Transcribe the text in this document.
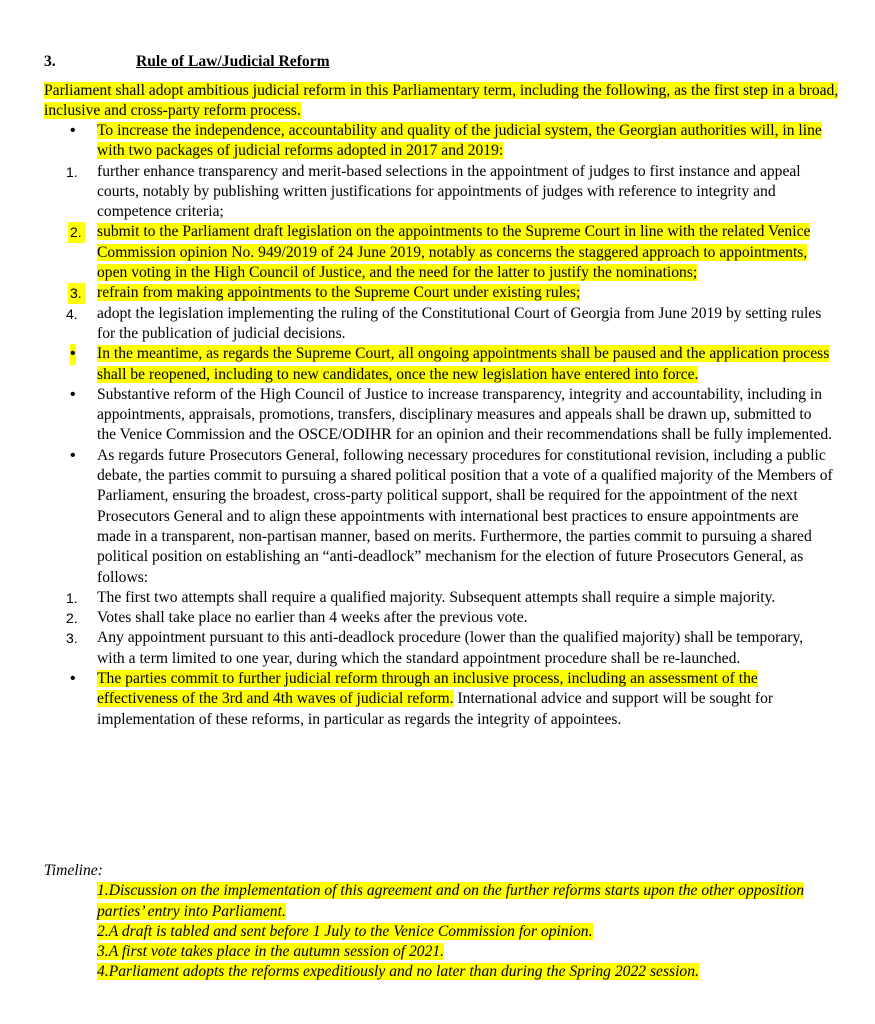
3.	Rule of Law/Judicial Reform
Parliament shall adopt ambitious judicial reform in this Parliamentary term, including the following, as the first step in a broad, inclusive and cross-party reform process.
•
To increase the independence, accountability and quality of the judicial system, the Georgian authorities will, in line with two packages of judicial reforms adopted in 2017 and 2019:
1. further enhance transparency and merit-based selections in the appointment of judges to first instance and appeal courts, notably by publishing written justifications for appointments of judges with reference to integrity and competence criteria;
2. submit to the Parliament draft legislation on the appointments to the Supreme Court in line with the related Venice Commission opinion No. 949/2019 of 24 June 2019, notably as concerns the staggered approach to appointments, open voting in the High Council of Justice, and the need for the latter to justify the nominations;
3. refrain from making appointments to the Supreme Court under existing rules;
4. adopt the legislation implementing the ruling of the Constitutional Court of Georgia from June 2019 by setting rules for the publication of judicial decisions.
•
In the meantime, as regards the Supreme Court, all ongoing appointments shall be paused and the application process shall be reopened, including to new candidates, once the new legislation have entered into force.
•
Substantive reform of the High Council of Justice to increase transparency, integrity and accountability, including in appointments, appraisals, promotions, transfers, disciplinary measures and appeals shall be drawn up, submitted to the Venice Commission and the OSCE/ODIHR for an opinion and their recommendations shall be fully implemented.
•
As regards future Prosecutors General, following necessary procedures for constitutional revision, including a public debate, the parties commit to pursuing a shared political position that a vote of a qualified majority of the Members of Parliament, ensuring the broadest, cross-party political support, shall be required for the appointment of the next Prosecutors General and to align these appointments with international best practices to ensure appointments are made in a transparent, non-partisan manner, based on merits. Furthermore, the parties commit to pursuing a shared political position on establishing an “anti-deadlock” mechanism for the election of future Prosecutors General, as follows:
1. The first two attempts shall require a qualified majority. Subsequent attempts shall require a simple majority.
2. Votes shall take place no earlier than 4 weeks after the previous vote.
3. Any appointment pursuant to this anti-deadlock procedure (lower than the qualified majority) shall be temporary, with a term limited to one year, during which the standard appointment procedure shall be re-launched.
•
The parties commit to further judicial reform through an inclusive process, including an assessment of the effectiveness of the 3rd and 4th waves of judicial reform. International advice and support will be sought for implementation of these reforms, in particular as regards the integrity of appointees.
Timeline:
1.Discussion on the implementation of this agreement and on the further reforms starts upon the other opposition parties’ entry into Parliament.
2.A draft is tabled and sent before 1 July to the Venice Commission for opinion.
3.A first vote takes place in the autumn session of 2021.
4.Parliament adopts the reforms expeditiously and no later than during the Spring 2022 session.
